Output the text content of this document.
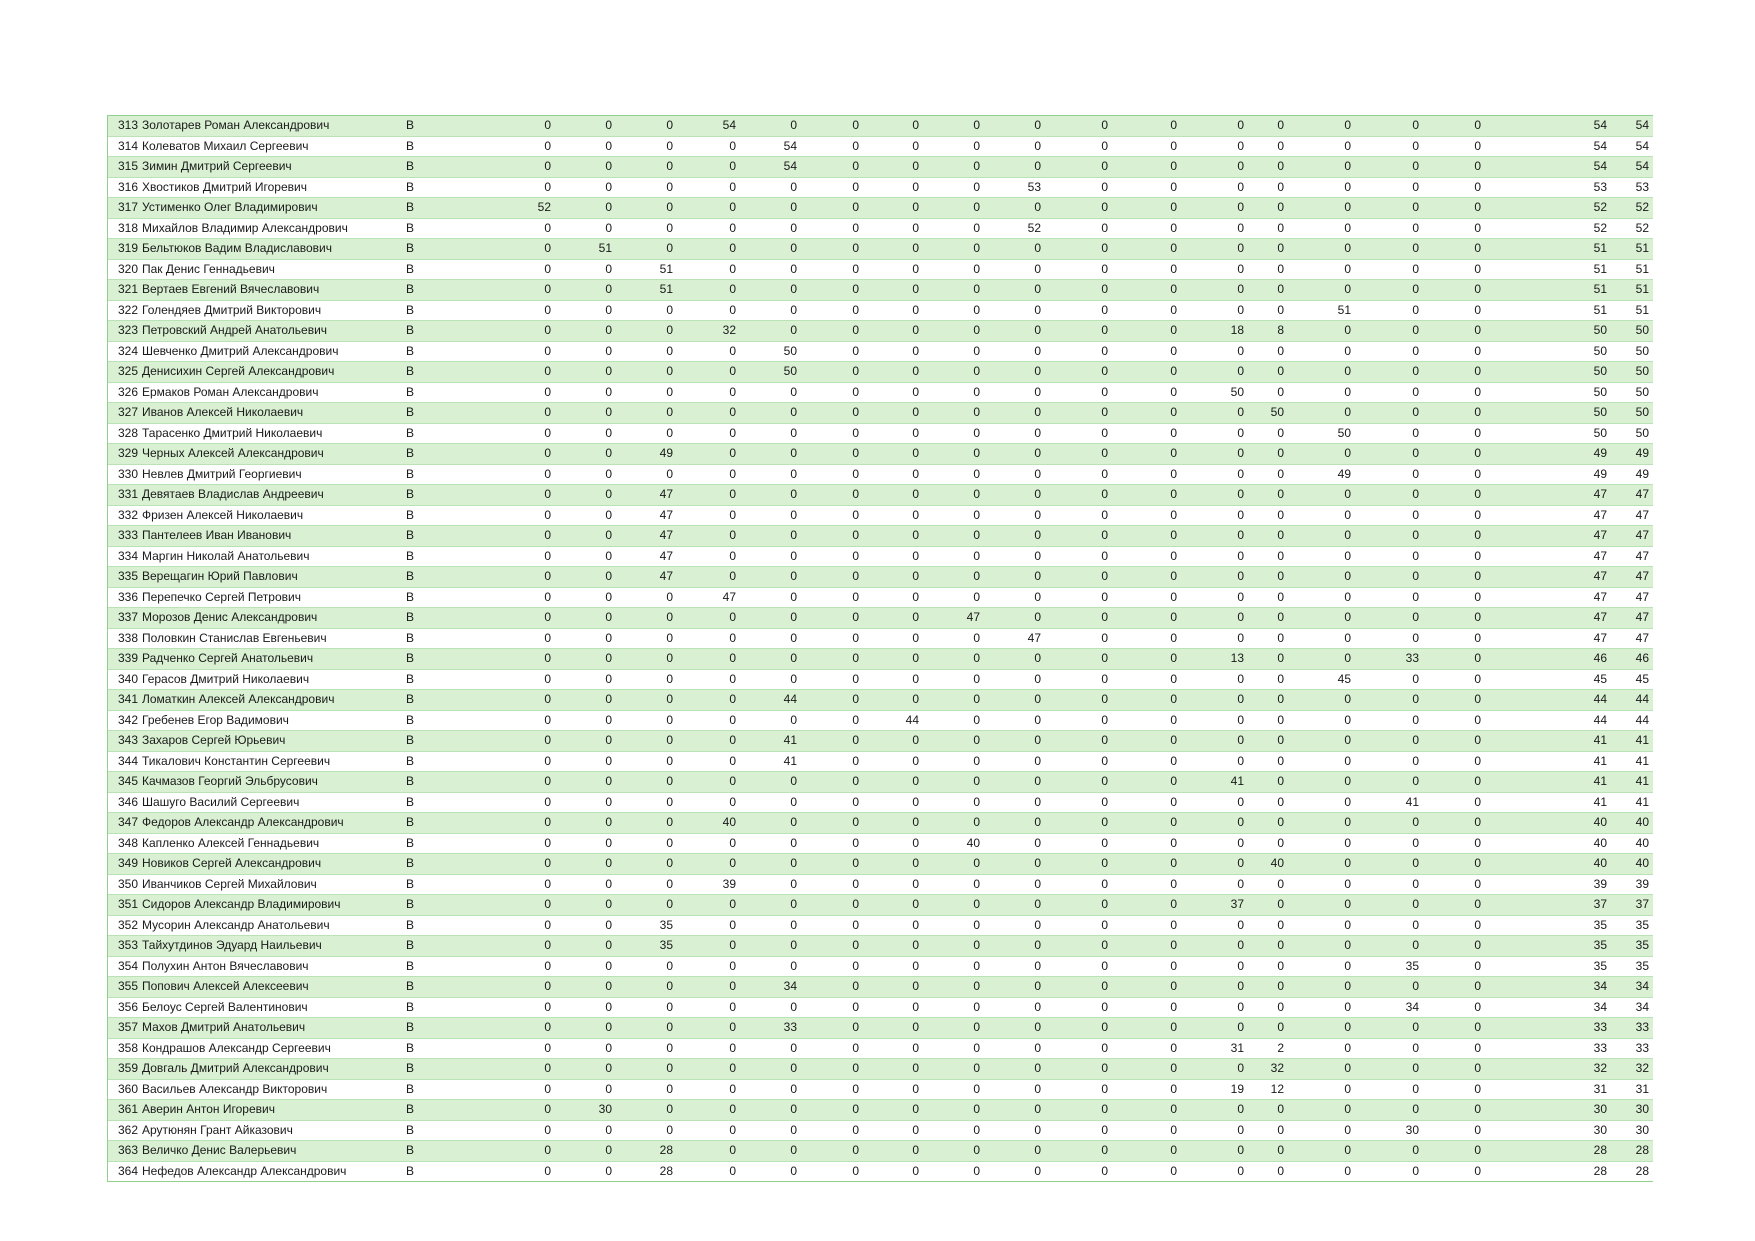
313	Золотарев Роман Александрович	B	0	0	0	54	0	0	0	0	0	0	0	0	0	0	0	0	54	54
314	Колеватов Михаил Сергеевич	B	0	0	0	0	54	0	0	0	0	0	0	0	0	0	0	0	54	54
315	Зимин Дмитрий Сергеевич	B	0	0	0	0	54	0	0	0	0	0	0	0	0	0	0	0	54	54
316	Хвостиков Дмитрий Игоревич	B	0	0	0	0	0	0	0	0	53	0	0	0	0	0	0	0	53	53
317	Устименко Олег Владимирович	B	52	0	0	0	0	0	0	0	0	0	0	0	0	0	0	0	52	52
318	Михайлов Владимир Александрович	B	0	0	0	0	0	0	0	0	52	0	0	0	0	0	0	0	52	52
319	Бельтюков Вадим Владиславович	B	0	51	0	0	0	0	0	0	0	0	0	0	0	0	0	0	51	51
320	Пак Денис Геннадьевич	B	0	0	51	0	0	0	0	0	0	0	0	0	0	0	0	0	51	51
321	Вертаев Евгений Вячеславович	B	0	0	51	0	0	0	0	0	0	0	0	0	0	0	0	0	51	51
322	Голендяев Дмитрий Викторович	B	0	0	0	0	0	0	0	0	0	0	0	0	0	51	0	0	51	51
323	Петровский Андрей Анатольевич	B	0	0	0	32	0	0	0	0	0	0	0	18	8	0	0	0	50	50
324	Шевченко Дмитрий Александрович	B	0	0	0	0	50	0	0	0	0	0	0	0	0	0	0	0	50	50
325	Денисихин Сергей Александрович	B	0	0	0	0	50	0	0	0	0	0	0	0	0	0	0	0	50	50
326	Ермаков Роман Александрович	B	0	0	0	0	0	0	0	0	0	0	0	50	0	0	0	0	50	50
327	Иванов Алексей Николаевич	B	0	0	0	0	0	0	0	0	0	0	0	0	50	0	0	0	50	50
328	Тарасенко Дмитрий Николаевич	B	0	0	0	0	0	0	0	0	0	0	0	0	0	50	0	0	50	50
329	Черных Алексей Александрович	B	0	0	49	0	0	0	0	0	0	0	0	0	0	0	0	0	49	49
330	Невлев Дмитрий Георгиевич	B	0	0	0	0	0	0	0	0	0	0	0	0	0	49	0	0	49	49
331	Девятаев Владислав Андреевич	B	0	0	47	0	0	0	0	0	0	0	0	0	0	0	0	0	47	47
332	Фризен Алексей Николаевич	B	0	0	47	0	0	0	0	0	0	0	0	0	0	0	0	0	47	47
333	Пантелеев Иван Иванович	B	0	0	47	0	0	0	0	0	0	0	0	0	0	0	0	0	47	47
334	Маргин Николай Анатольевич	B	0	0	47	0	0	0	0	0	0	0	0	0	0	0	0	0	47	47
335	Верещагин Юрий Павлович	B	0	0	47	0	0	0	0	0	0	0	0	0	0	0	0	0	47	47
336	Перепечко Сергей Петрович	B	0	0	0	47	0	0	0	0	0	0	0	0	0	0	0	0	47	47
337	Морозов Денис Александрович	B	0	0	0	0	0	0	0	47	0	0	0	0	0	0	0	0	47	47
338	Половкин Станислав Евгеньевич	B	0	0	0	0	0	0	0	0	47	0	0	0	0	0	0	0	47	47
339	Радченко Сергей Анатольевич	B	0	0	0	0	0	0	0	0	0	0	0	13	0	0	33	0	46	46
340	Герасов Дмитрий Николаевич	B	0	0	0	0	0	0	0	0	0	0	0	0	0	45	0	0	45	45
341	Ломаткин Алексей Александрович	B	0	0	0	0	44	0	0	0	0	0	0	0	0	0	0	0	44	44
342	Гребенев Егор Вадимович	B	0	0	0	0	0	0	44	0	0	0	0	0	0	0	0	0	44	44
343	Захаров Сергей Юрьевич	B	0	0	0	0	41	0	0	0	0	0	0	0	0	0	0	0	41	41
344	Тикалович Константин Сергеевич	B	0	0	0	0	41	0	0	0	0	0	0	0	0	0	0	0	41	41
345	Качмазов Георгий Эльбрусович	B	0	0	0	0	0	0	0	0	0	0	0	41	0	0	0	0	41	41
346	Шашуго Василий Сергеевич	B	0	0	0	0	0	0	0	0	0	0	0	0	0	0	41	0	41	41
347	Федоров Александр Александрович	B	0	0	0	40	0	0	0	0	0	0	0	0	0	0	0	0	40	40
348	Капленко Алексей Геннадьевич	B	0	0	0	0	0	0	0	40	0	0	0	0	0	0	0	0	40	40
349	Новиков Сергей Александрович	B	0	0	0	0	0	0	0	0	0	0	0	0	40	0	0	0	40	40
350	Иванчиков Сергей Михайлович	B	0	0	0	39	0	0	0	0	0	0	0	0	0	0	0	0	39	39
351	Сидоров Александр Владимирович	B	0	0	0	0	0	0	0	0	0	0	0	37	0	0	0	0	37	37
352	Мусорин Александр Анатольевич	B	0	0	35	0	0	0	0	0	0	0	0	0	0	0	0	0	35	35
353	Тайхутдинов Эдуард Наильевич	B	0	0	35	0	0	0	0	0	0	0	0	0	0	0	0	0	35	35
354	Полухин Антон Вячеславович	B	0	0	0	0	0	0	0	0	0	0	0	0	0	0	35	0	35	35
355	Попович Алексей Алексеевич	B	0	0	0	0	34	0	0	0	0	0	0	0	0	0	0	0	34	34
356	Белоус Сергей Валентинович	B	0	0	0	0	0	0	0	0	0	0	0	0	0	0	34	0	34	34
357	Махов Дмитрий Анатольевич	B	0	0	0	0	33	0	0	0	0	0	0	0	0	0	0	0	33	33
358	Кондрашов Александр Сергеевич	B	0	0	0	0	0	0	0	0	0	0	0	31	2	0	0	0	33	33
359	Довгаль Дмитрий Александрович	B	0	0	0	0	0	0	0	0	0	0	0	0	32	0	0	0	32	32
360	Васильев Александр Викторович	B	0	0	0	0	0	0	0	0	0	0	0	19	12	0	0	0	31	31
361	Аверин Антон Игоревич	B	0	30	0	0	0	0	0	0	0	0	0	0	0	0	0	0	30	30
362	Арутюнян Грант Айказович	B	0	0	0	0	0	0	0	0	0	0	0	0	0	0	30	0	30	30
363	Величко Денис Валерьевич	B	0	0	28	0	0	0	0	0	0	0	0	0	0	0	0	0	28	28
364	Нефедов Александр Александрович	B	0	0	28	0	0	0	0	0	0	0	0	0	0	0	0	0	28	28
